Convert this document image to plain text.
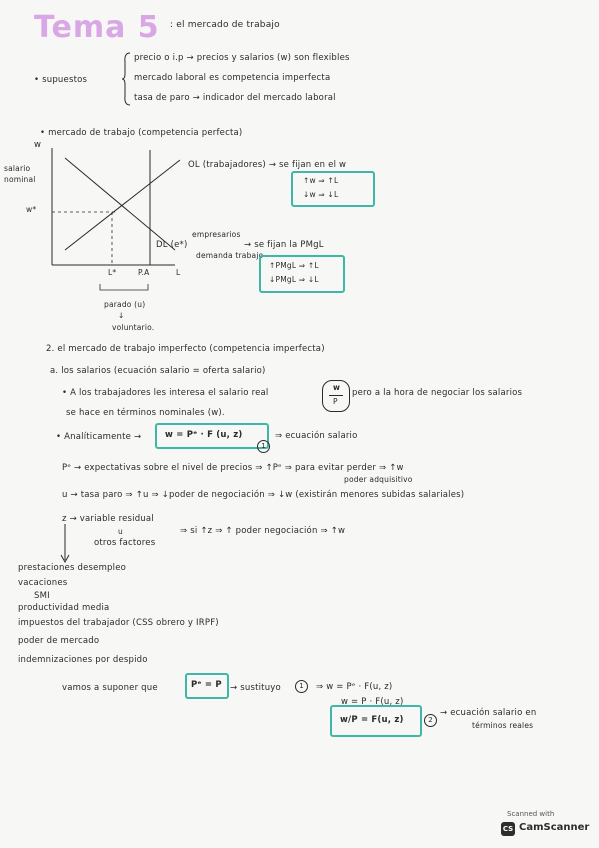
Tema 5 : el mercado de trabajo
• supuestos
precio o i.p → precios y salarios (w) son flexibles
mercado laboral es competencia imperfecta
tasa de paro → indicador del mercado laboral
• mercado de trabajo (competencia perfecta)
w
salario nominal
w*
L*	P.A	L
parado (u)
↓
voluntario.
OL (trabajadores) → se fijan en el w
↑w ⇒ ↑L
↓w ⇒ ↓L
empresarios
DL (e*)
demanda trabajo
→ se fijan la PMgL
↑PMgL ⇒ ↑L
↓PMgL ⇒ ↓L
2. el mercado de trabajo imperfecto (competencia imperfecta)
a. los salarios (ecuación salario = oferta salario)
• A los trabajadores les interesa el salario real
w
P
pero a la hora de negociar los salarios
se hace en términos nominales (w).
• Analíticamente →	w = Pᵉ · F (u, z)
1
⇒ ecuación salario
Pᵉ → expectativas sobre el nivel de precios ⇒ ↑Pᵉ ⇒ para evitar perder ⇒ ↑w
poder adquisitivo
u → tasa paro ⇒ ↑u ⇒ ↓poder de negociación ⇒ ↓w (existirán menores subidas salariales)
z → variable residual
u
otros factores
⇒ si ↑z ⇒ ↑ poder negociación ⇒ ↑w
prestaciones desempleo
vacaciones
SMI
productividad media
impuestos del trabajador (CSS obrero y IRPF)
poder de mercado
indemnizaciones por despido
vamos a suponer que	Pᵉ = P → sustituyo	1	⇒ w = Pᵉ · F(u, z)
w = P · F(u, z)
w/P = F(u, z)	2
→ ecuación salario en
términos reales
Scanned with
CS CamScanner
